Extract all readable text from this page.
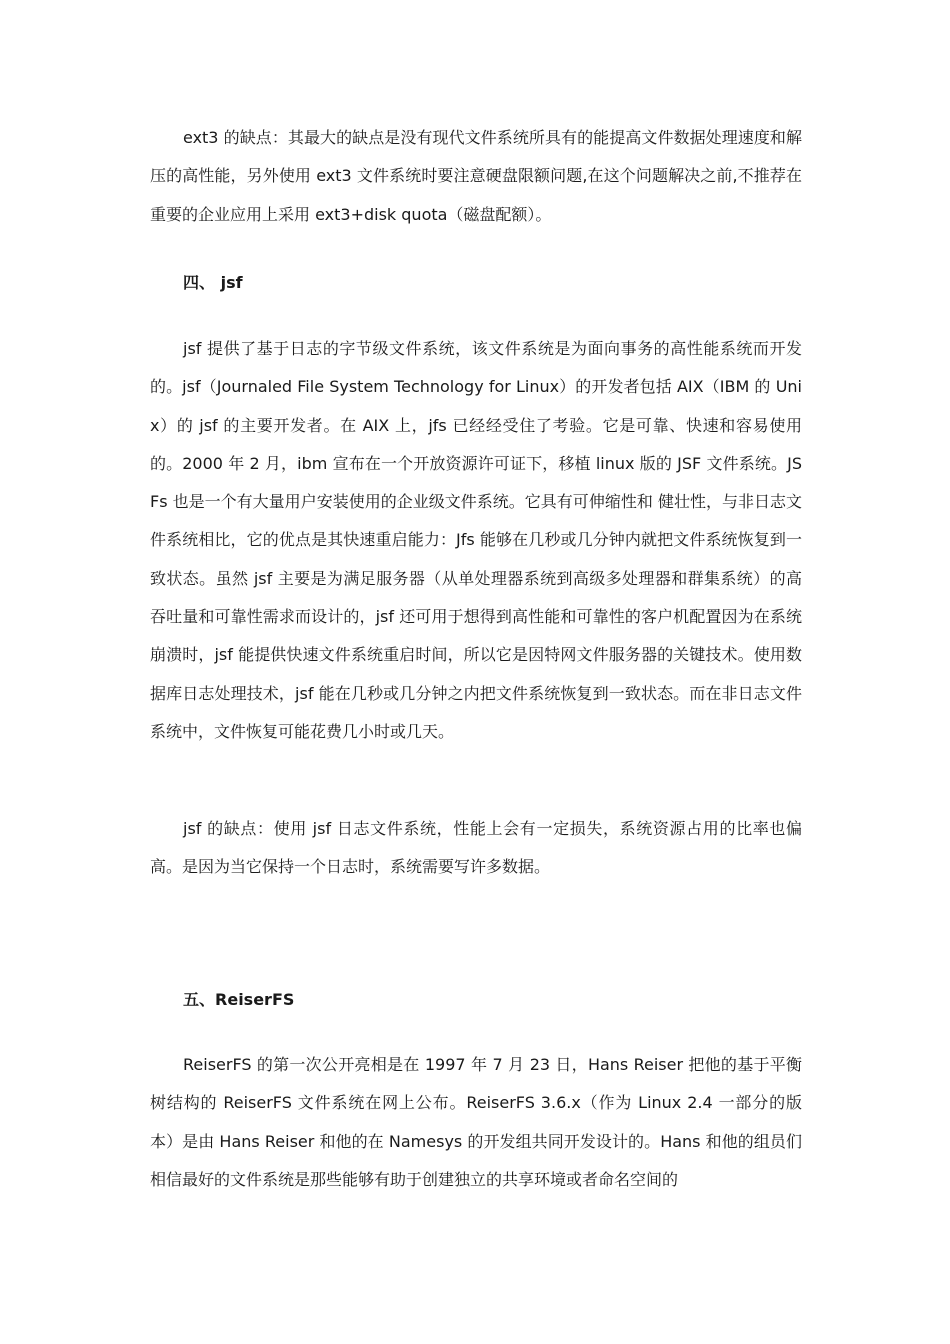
ext3 的缺点：其最大的缺点是没有现代文件系统所具有的能提高文件数据处理速度和解压的高性能，另外使用 ext3 文件系统时要注意硬盘限额问题,在这个问题解决之前,不推荐在重要的企业应用上采用 ext3+disk quota（磁盘配额）。

四、 jsf

jsf 提供了基于日志的字节级文件系统，该文件系统是为面向事务的高性能系统而开发的。jsf（Journaled File System Technology for Linux）的开发者包括 AIX（IBM 的 Unix）的 jsf 的主要开发者。在 AIX 上，jfs 已经经受住了考验。它是可靠、快速和容易使用的。2000 年 2 月，ibm 宣布在一个开放资源许可证下，移植 linux 版的 JSF 文件系统。JSFs 也是一个有大量用户安装使用的企业级文件系统。它具有可伸缩性和 健壮性，与非日志文件系统相比，它的优点是其快速重启能力：Jfs 能够在几秒或几分钟内就把文件系统恢复到一致状态。虽然 jsf 主要是为满足服务器（从单处理器系统到高级多处理器和群集系统）的高吞吐量和可靠性需求而设计的，jsf 还可用于想得到高性能和可靠性的客户机配置因为在系统崩溃时，jsf 能提供快速文件系统重启时间，所以它是因特网文件服务器的关键技术。使用数据库日志处理技术，jsf 能在几秒或几分钟之内把文件系统恢复到一致状态。而在非日志文件系统中，文件恢复可能花费几小时或几天。

jsf 的缺点：使用 jsf 日志文件系统，性能上会有一定损失，系统资源占用的比率也偏高。是因为当它保持一个日志时，系统需要写许多数据。

五、ReiserFS

ReiserFS 的第一次公开亮相是在 1997 年 7 月 23 日，Hans Reiser 把他的基于平衡树结构的 ReiserFS 文件系统在网上公布。ReiserFS 3.6.x（作为 Linux 2.4 一部分的版本）是由 Hans Reiser 和他的在 Namesys 的开发组共同开发设计的。Hans 和他的组员们相信最好的文件系统是那些能够有助于创建独立的共享环境或者命名空间的
